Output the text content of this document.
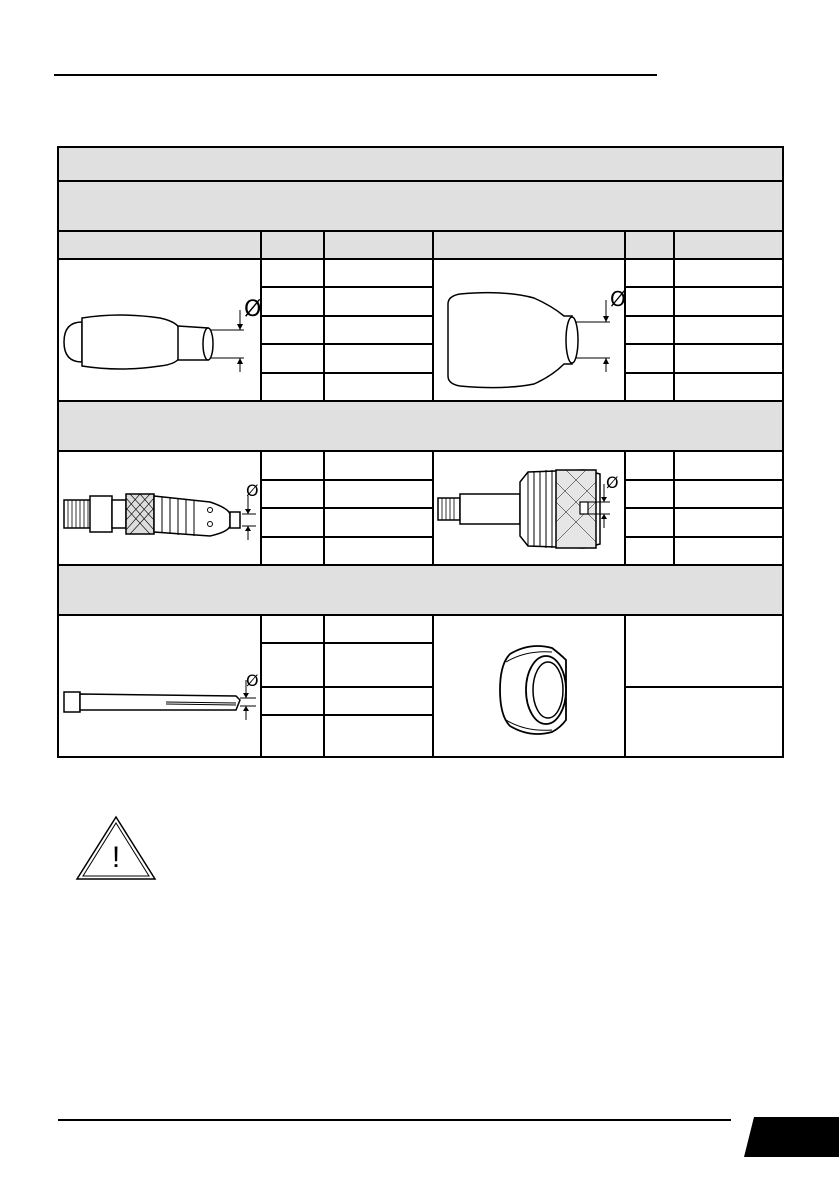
Ø			Ø		

Ø			Ø		

Ø

!
